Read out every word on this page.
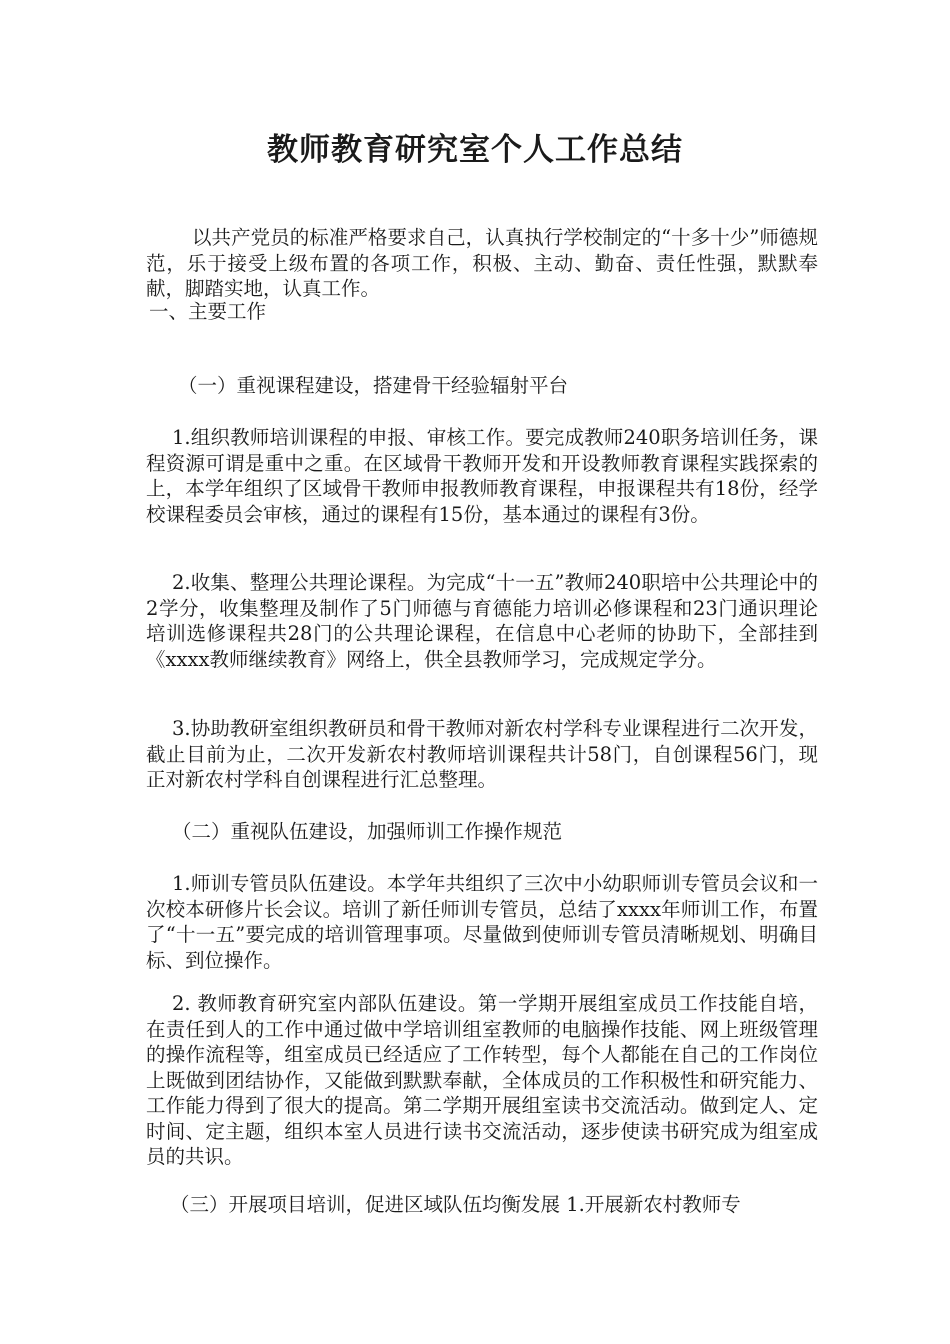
教师教育研究室个人工作总结

以共产党员的标准严格要求自己，认真执行学校制定的“十多十少”师德规范，乐于接受上级布置的各项工作，积极、主动、勤奋、责任性强，默默奉献，脚踏实地，认真工作。

一、主要工作

（一）重视课程建设，搭建骨干经验辐射平台

1.组织教师培训课程的申报、审核工作。要完成教师240职务培训任务，课程资源可谓是重中之重。在区域骨干教师开发和开设教师教育课程实践探索的上，本学年组织了区域骨干教师申报教师教育课程，申报课程共有18份，经学校课程委员会审核，通过的课程有15份，基本通过的课程有3份。

2.收集、整理公共理论课程。为完成“十一五”教师240职培中公共理论中的2学分，收集整理及制作了5门师德与育德能力培训必修课程和23门通识理论培训选修课程共28门的公共理论课程，在信息中心老师的协助下，全部挂到《xxxx教师继续教育》网络上，供全县教师学习，完成规定学分。

3.协助教研室组织教研员和骨干教师对新农村学科专业课程进行二次开发，截止目前为止，二次开发新农村教师培训课程共计58门，自创课程56门，现正对新农村学科自创课程进行汇总整理。

（二）重视队伍建设，加强师训工作操作规范

1.师训专管员队伍建设。本学年共组织了三次中小幼职师训专管员会议和一次校本研修片长会议。培训了新任师训专管员，总结了xxxx年师训工作，布置了“十一五”要完成的培训管理事项。尽量做到使师训专管员清晰规划、明确目标、到位操作。

2. 教师教育研究室内部队伍建设。第一学期开展组室成员工作技能自培，在责任到人的工作中通过做中学培训组室教师的电脑操作技能、网上班级管理的操作流程等，组室成员已经适应了工作转型，每个人都能在自己的工作岗位上既做到团结协作，又能做到默默奉献，全体成员的工作积极性和研究能力、工作能力得到了很大的提高。第二学期开展组室读书交流活动。做到定人、定时间、定主题，组织本室人员进行读书交流活动，逐步使读书研究成为组室成员的共识。

（三）开展项目培训，促进区域队伍均衡发展 1.开展新农村教师专
